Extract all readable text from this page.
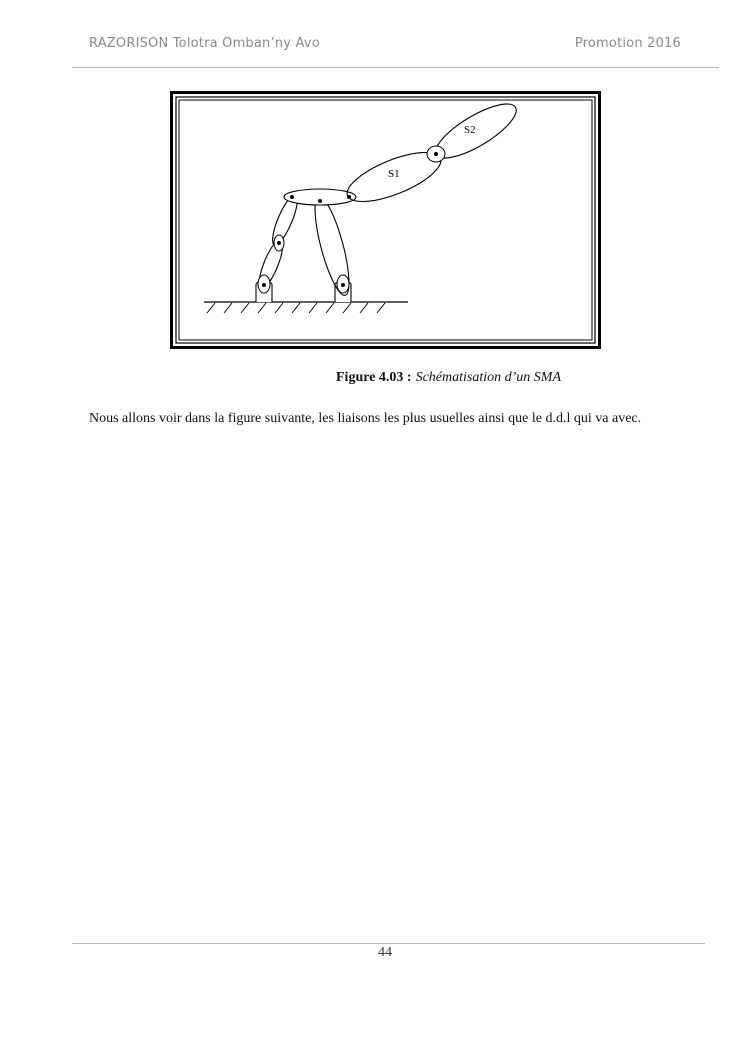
RAZORISON Tolotra Omban’ny Avo	Promotion 2016
S1
S2
Figure 4.03 : Schématisation d’un SMA
Nous allons voir dans la figure suivante, les liaisons les plus usuelles ainsi que le d.d.l qui va avec.
44
